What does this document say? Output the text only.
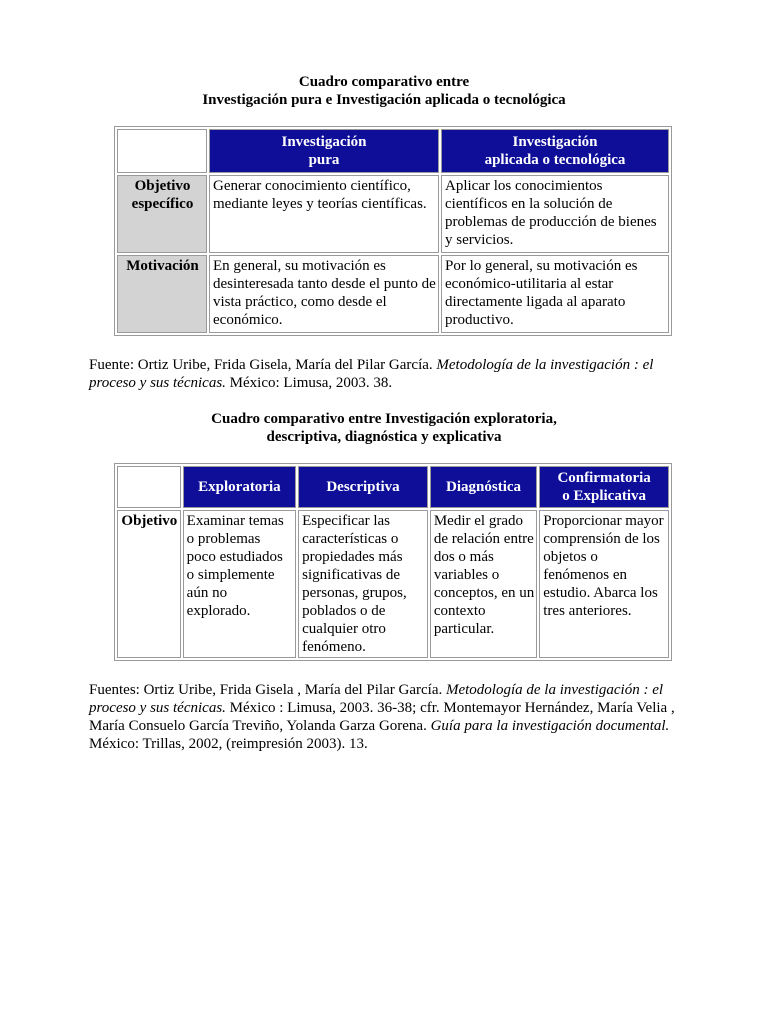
Cuadro comparativo entre
Investigación pura e Investigación aplicada o tecnológica
	Investigación
pura	Investigación
aplicada o tecnológica
Objetivo
específico	Generar conocimiento científico, mediante leyes y teorías científicas.	Aplicar los conocimientos científicos en la solución de problemas de producción de bienes y servicios.
Motivación	En general, su motivación es desinteresada tanto desde el punto de vista práctico, como desde el económico.	Por lo general, su motivación es económico-utilitaria al estar directamente ligada al aparato productivo.
Fuente: Ortiz Uribe, Frida Gisela, María del Pilar García. Metodología de la investigación : el proceso y sus técnicas. México: Limusa, 2003. 38.
Cuadro comparativo entre Investigación exploratoria,
descriptiva, diagnóstica y explicativa
	Exploratoria	Descriptiva	Diagnóstica	Confirmatoria
o Explicativa
Objetivo	Examinar temas o problemas poco estudiados o simplemente aún no explorado.	Especificar las características o propiedades más significativas de personas, grupos, poblados o de cualquier otro fenómeno.	Medir el grado de relación entre dos o más variables o conceptos, en un contexto particular.	Proporcionar mayor comprensión de los objetos o fenómenos en estudio. Abarca los tres anteriores.
Fuentes: Ortiz Uribe, Frida Gisela , María del Pilar García. Metodología de la investigación : el proceso y sus técnicas. México : Limusa, 2003. 36-38; cfr. Montemayor Hernández, María Velia , María Consuelo García Treviño, Yolanda Garza Gorena. Guía para la investigación documental. México: Trillas, 2002, (reimpresión 2003). 13.
